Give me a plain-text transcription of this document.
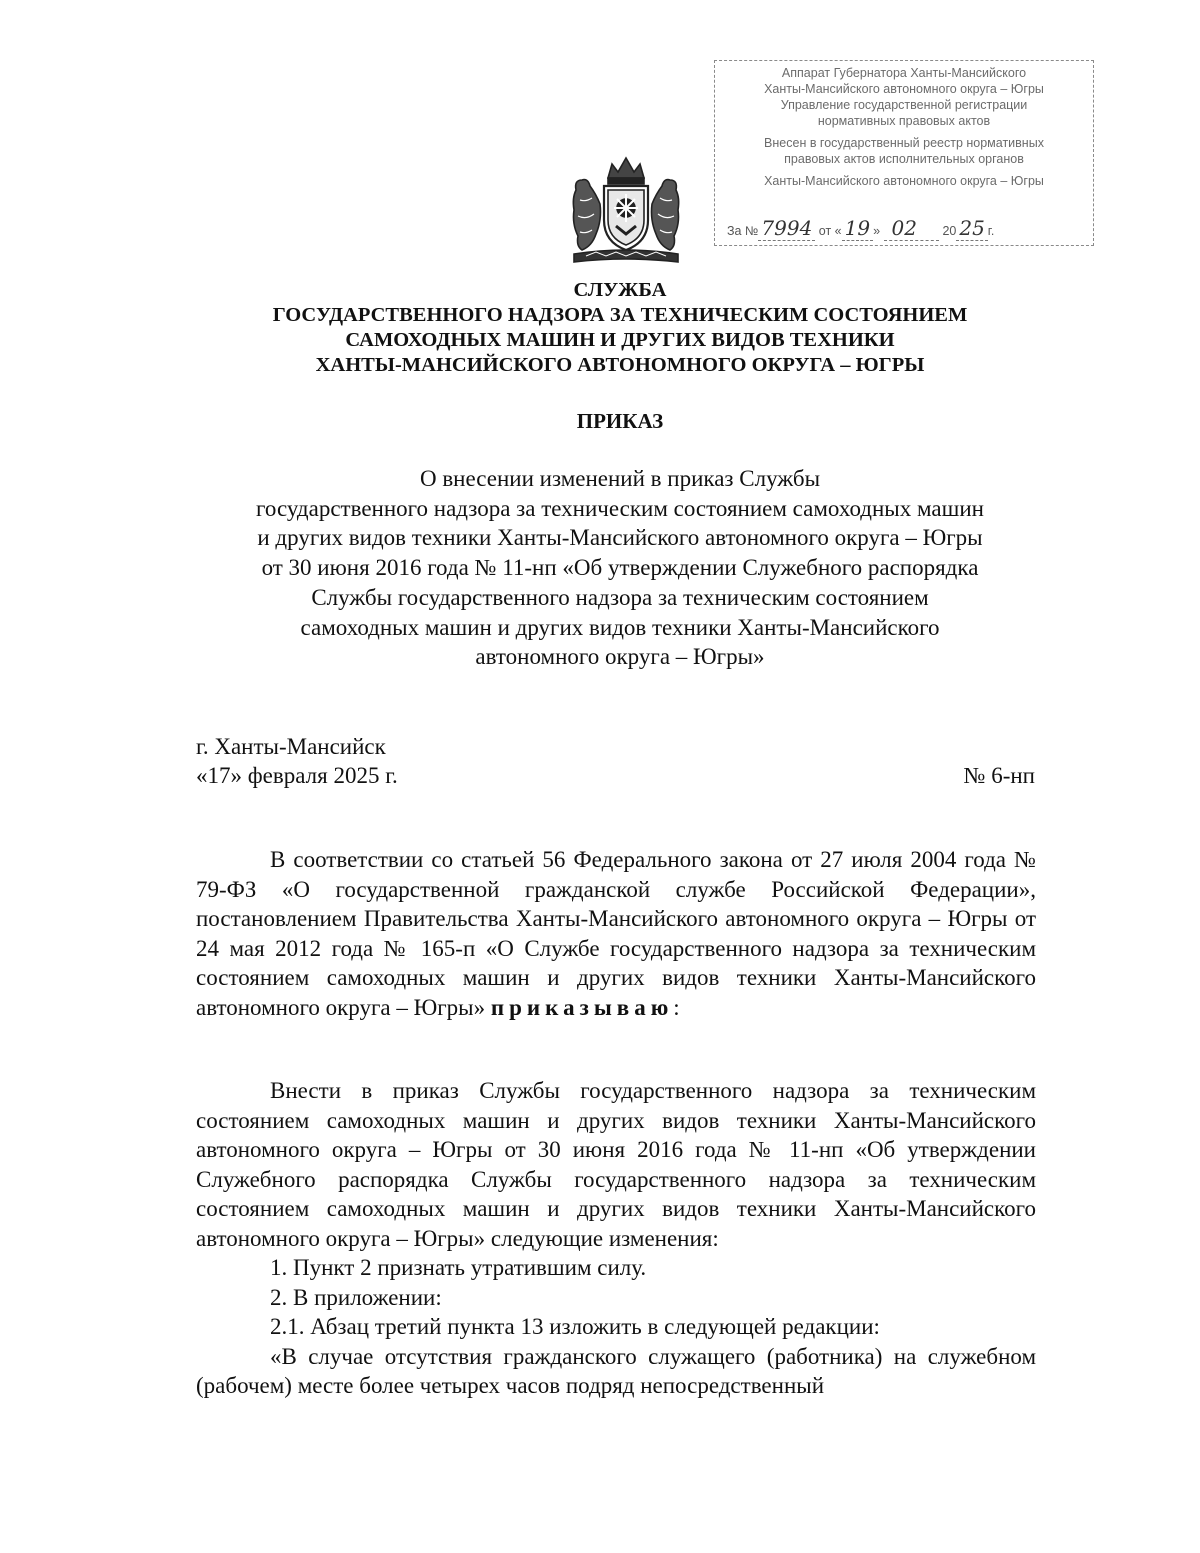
Аппарат Губернатора Ханты-Мансийского
Ханты-Мансийского автономного округа – Югры
Управление государственной регистрации
нормативных правовых актов
Внесен в государственный реестр нормативных
правовых актов исполнительных органов
Ханты-Мансийского автономного округа – Югры
За № 7994 от « 19 » 02 20 25 г.
СЛУЖБА
ГОСУДАРСТВЕННОГО НАДЗОРА ЗА ТЕХНИЧЕСКИМ СОСТОЯНИЕМ
САМОХОДНЫХ МАШИН И ДРУГИХ ВИДОВ ТЕХНИКИ
ХАНТЫ-МАНСИЙСКОГО АВТОНОМНОГО ОКРУГА – ЮГРЫ
ПРИКАЗ
О внесении изменений в приказ Службы
государственного надзора за техническим состоянием самоходных машин
и других видов техники Ханты-Мансийского автономного округа – Югры
от 30 июня 2016 года № 11-нп «Об утверждении Служебного распорядка
Службы государственного надзора за техническим состоянием
самоходных машин и других видов техники Ханты-Мансийского
автономного округа – Югры»
г. Ханты-Мансийск
«17» февраля 2025 г.	№ 6-нп

В соответствии со статьей 56 Федерального закона от 27 июля 2004 года № 79-ФЗ «О государственной гражданской службе Российской Федерации», постановлением Правительства Ханты-Мансийского автономного округа – Югры от 24 мая 2012 года № 165-п «О Службе государственного надзора за техническим состоянием самоходных машин и других видов техники Ханты-Мансийского автономного округа – Югры» приказываю:

Внести в приказ Службы государственного надзора за техническим состоянием самоходных машин и других видов техники Ханты-Мансийского автономного округа – Югры от 30 июня 2016 года № 11-нп «Об утверждении Служебного распорядка Службы государственного надзора за техническим состоянием самоходных машин и других видов техники Ханты-Мансийского автономного округа – Югры» следующие изменения:

1. Пункт 2 признать утратившим силу.

2. В приложении:

2.1. Абзац третий пункта 13 изложить в следующей редакции:

«В случае отсутствия гражданского служащего (работника) на служебном (рабочем) месте более четырех часов подряд непосредственный
